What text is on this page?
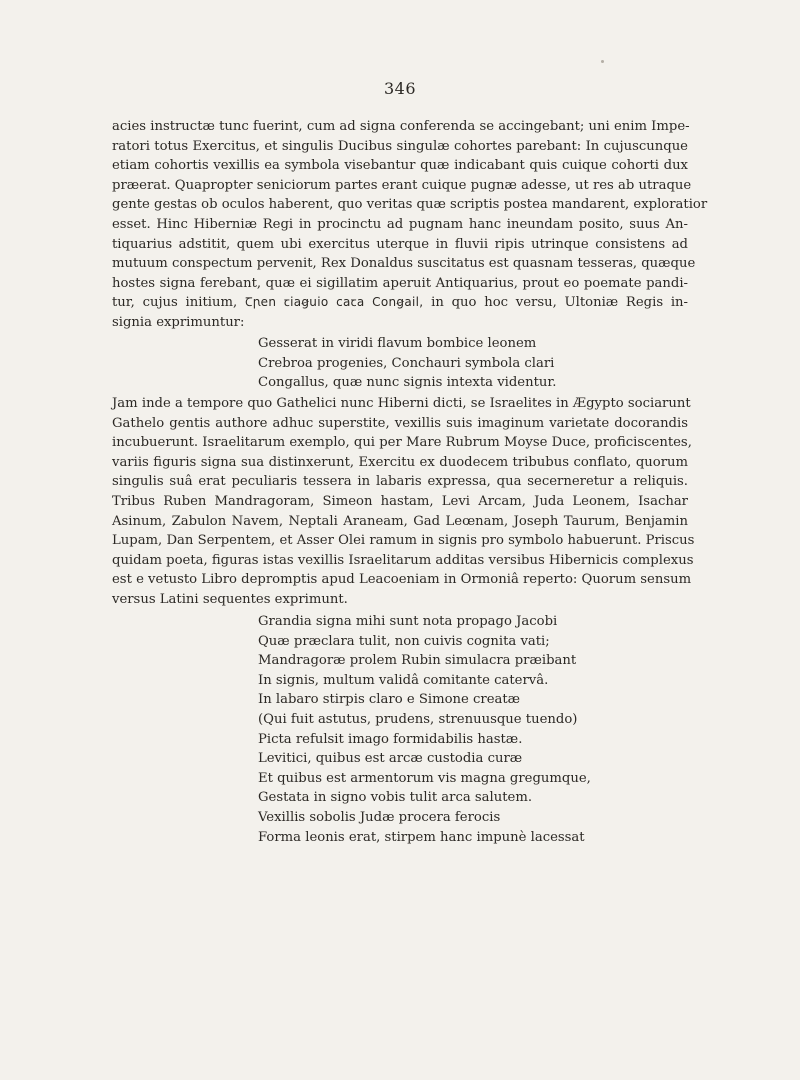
346
acies instructæ tunc fuerint, cum ad signa conferenda se accingebant; uni enim Impe-
ratori totus Exercitus, et singulis Ducibus singulæ cohortes parebant: In cujuscunque
etiam cohortis vexillis ea symbola visebantur quæ indicabant quis cuique cohorti dux
præerat. Quapropter seniciorum partes erant cuique pugnæ adesse, ut res ab utraque
gente gestas ob oculos haberent, quo veritas quæ scriptis postea mandarent, exploratior
esset. Hinc Hiberniæ Regi in procinctu ad pugnam hanc ineundam posito, suus An-
tiquarius adstitit, quem ubi exercitus uterque in fluvii ripis utrinque consistens ad
mutuum conspectum pervenit, Rex Donaldus suscitatus est quasnam tesseras, quæque
hostes signa ferebant, quæ ei sigillatim aperuit Antiquarius, prout eo poemate pandi-
tur, cujus initium, Ꞇꞃen ꞇiaꞡuio caꞇa Conꞡail, in quo hoc versu, Ultoniæ Regis in-
signia exprimuntur:
Gesserat in viridi flavum bombice leonem
Crebroa progenies, Conchauri symbola clari
Congallus, quæ nunc signis intexta videntur.
Jam inde a tempore quo Gathelici nunc Hiberni dicti, se Israelites in Ægypto sociarunt
Gathelo gentis authore adhuc superstite, vexillis suis imaginum varietate docorandis
incubuerunt. Israelitarum exemplo, qui per Mare Rubrum Moyse Duce, proficiscentes,
variis figuris signa sua distinxerunt, Exercitu ex duodecem tribubus conflato, quorum
singulis suâ erat peculiaris tessera in labaris expressa, qua secerneretur a reliquis.
Tribus Ruben Mandragoram, Simeon hastam, Levi Arcam, Juda Leonem, Isachar
Asinum, Zabulon Navem, Neptali Araneam, Gad Leœnam, Joseph Taurum, Benjamin
Lupam, Dan Serpentem, et Asser Olei ramum in signis pro symbolo habuerunt. Priscus
quidam poeta, figuras istas vexillis Israelitarum additas versibus Hibernicis complexus
est e vetusto Libro depromptis apud Leacoeniam in Ormoniâ reperto: Quorum sensum
versus Latini sequentes exprimunt.
Grandia signa mihi sunt nota propago Jacobi
Quæ præclara tulit, non cuivis cognita vati;
Mandragoræ prolem Rubin simulacra præibant
In signis, multum validâ comitante catervâ.
In labaro stirpis claro e Simone creatæ
(Qui fuit astutus, prudens, strenuusque tuendo)
Picta refulsit imago formidabilis hastæ.
Levitici, quibus est arcæ custodia curæ
Et quibus est armentorum vis magna gregumque,
Gestata in signo vobis tulit arca salutem.
Vexillis sobolis Judæ procera ferocis
Forma leonis erat, stirpem hanc impunè lacessat
